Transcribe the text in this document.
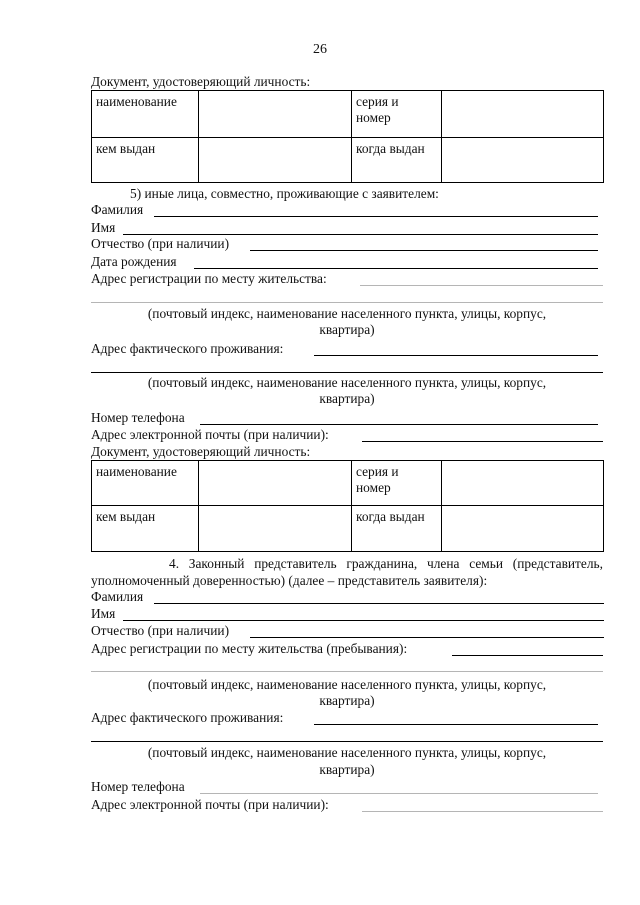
26
Документ, удостоверяющий личность:
наименование		серия и
номер	
кем выдан		когда выдан	
5) иные лица, совместно, проживающие с заявителем:
Фамилия
Имя
Отчество (при наличии)
Дата рождения
Адрес регистрации по месту жительства:
(почтовый индекс, наименование населенного пункта, улицы, корпус,
квартира)
Адрес фактического проживания:
(почтовый индекс, наименование населенного пункта, улицы, корпус,
квартира)
Номер телефона
Адрес электронной почты (при наличии):
Документ, удостоверяющий личность:
наименование		серия и
номер	
кем выдан		когда выдан	
4. Законный представитель гражданина, члена семьи (представитель,
уполномоченный доверенностью) (далее – представитель заявителя):
Фамилия
Имя
Отчество (при наличии)
Адрес регистрации по месту жительства (пребывания):
(почтовый индекс, наименование населенного пункта, улицы, корпус,
квартира)
Адрес фактического проживания:
(почтовый индекс, наименование населенного пункта, улицы, корпус,
квартира)
Номер телефона
Адрес электронной почты (при наличии):
